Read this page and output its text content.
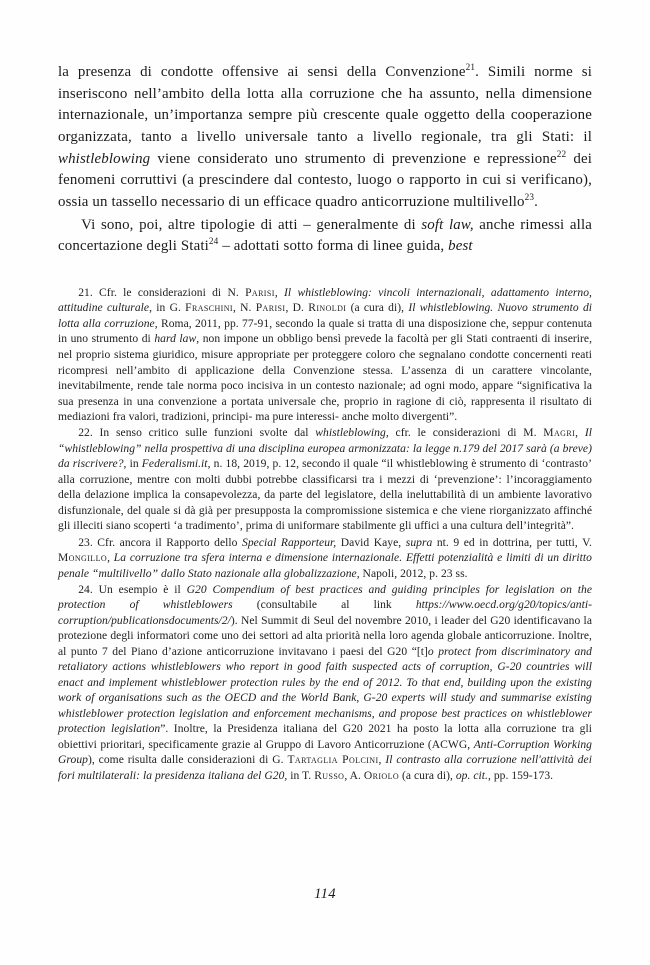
la presenza di condotte offensive ai sensi della Convenzione$^{21}$. Simili norme si inseriscono nell’ambito della lotta alla corruzione che ha assunto, nella dimensione internazionale, un’importanza sempre più crescente quale oggetto della cooperazione organizzata, tanto a livello universale tanto a livello regionale, tra gli Stati: il whistleblowing viene considerato uno strumento di prevenzione e repressione$^{22}$ dei fenomeni corruttivi (a prescindere dal contesto, luogo o rapporto in cui si verificano), ossia un tassello necessario di un efficace quadro anticorruzione multilivello$^{23}$.

Vi sono, poi, altre tipologie di atti – generalmente di soft law, anche rimessi alla concertazione degli Stati$^{24}$ – adottati sotto forma di linee guida, best

21. Cfr. le considerazioni di N. Parisi, Il whistleblowing: vincoli internazionali, adattamento interno, attitudine culturale, in G. Fraschini, N. Parisi, D. Rinoldi (a cura di), Il whistleblowing. Nuovo strumento di lotta alla corruzione, Roma, 2011, pp. 77-91, secondo la quale si tratta di una disposizione che, seppur contenuta in uno strumento di hard law, non impone un obbligo bensì prevede la facoltà per gli Stati contraenti di inserire, nel proprio sistema giuridico, misure appropriate per proteggere coloro che segnalano condotte concernenti reati ricompresi nell’ambito di applicazione della Convenzione stessa. L’assenza di un carattere vincolante, inevitabilmente, rende tale norma poco incisiva in un contesto nazionale; ad ogni modo, appare “significativa la sua presenza in una convenzione a portata universale che, proprio in ragione di ciò, rappresenta il risultato di mediazioni fra valori, tradizioni, principi- ma pure interessi- anche molto divergenti”.

22. In senso critico sulle funzioni svolte dal whistleblowing, cfr. le considerazioni di M. Magri, Il “whistleblowing” nella prospettiva di una disciplina europea armonizzata: la legge n.179 del 2017 sarà (a breve) da riscrivere?, in Federalismi.it, n. 18, 2019, p. 12, secondo il quale “il whistleblowing è strumento di ‘contrasto’ alla corruzione, mentre con molti dubbi potrebbe classificarsi tra i mezzi di ‘prevenzione’: l’incoraggiamento della delazione implica la consapevolezza, da parte del legislatore, della ineluttabilità di un ambiente lavorativo disfunzionale, del quale si dà già per presupposta la compromissione sistemica e che viene riorganizzato affinché gli illeciti siano scoperti ‘a tradimento’, prima di uniformare stabilmente gli uffici a una cultura dell’integrità”.

23. Cfr. ancora il Rapporto dello Special Rapporteur, David Kaye, supra nt. 9 ed in dottrina, per tutti, V. Mongillo, La corruzione tra sfera interna e dimensione internazionale. Effetti potenzialità e limiti di un diritto penale “multilivello” dallo Stato nazionale alla globalizzazione, Napoli, 2012, p. 23 ss.

24. Un esempio è il G20 Compendium of best practices and guiding principles for legislation on the protection of whistleblowers (consultabile al link https://www.oecd.org/g20/topics/anti-corruption/publicationsdocuments/2/). Nel Summit di Seul del novembre 2010, i leader del G20 identificavano la protezione degli informatori come uno dei settori ad alta priorità nella loro agenda globale anticorruzione. Inoltre, al punto 7 del Piano d’azione anticorruzione invitavano i paesi del G20 “[t]o protect from discriminatory and retaliatory actions whistleblowers who report in good faith suspected acts of corruption, G-20 countries will enact and implement whistleblower protection rules by the end of 2012. To that end, building upon the existing work of organisations such as the OECD and the World Bank, G-20 experts will study and summarise existing whistleblower protection legislation and enforcement mechanisms, and propose best practices on whistleblower protection legislation”. Inoltre, la Presidenza italiana del G20 2021 ha posto la lotta alla corruzione tra gli obiettivi prioritari, specificamente grazie al Gruppo di Lavoro Anticorruzione (ACWG, Anti-Corruption Working Group), come risulta dalle considerazioni di G. Tartaglia Polcini, Il contrasto alla corruzione nell'attività dei fori multilaterali: la presidenza italiana del G20, in T. Russo, A. Oriolo (a cura di), op. cit., pp. 159-173.

114
